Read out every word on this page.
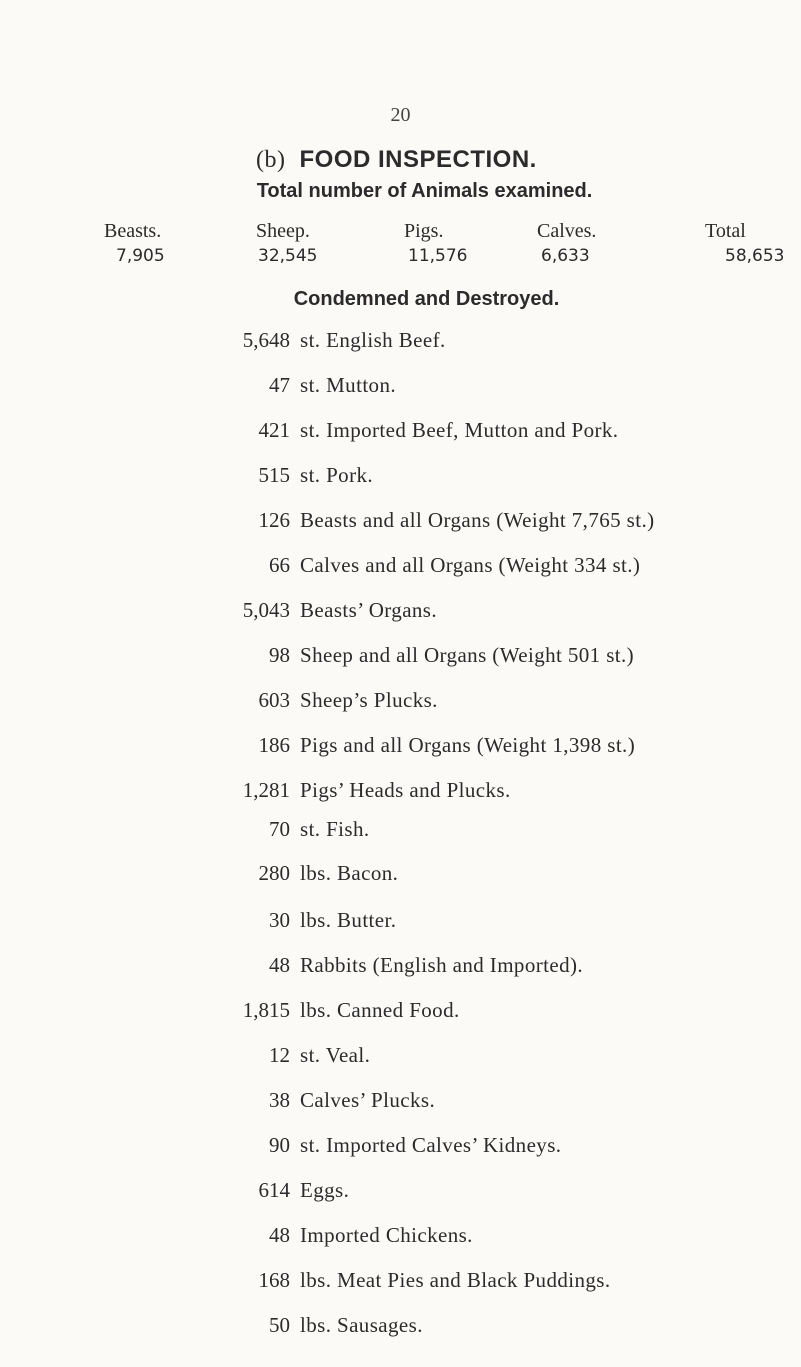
20
(b) FOOD INSPECTION.
Total number of Animals examined.
Beasts.	Sheep.	Pigs.	Calves.	Total
7,905	32,545	11,576	6,633	58,653
Condemned and Destroyed.
5,648 st. English Beef.
47 st. Mutton.
421 st. Imported Beef, Mutton and Pork.
515 st. Pork.
126 Beasts and all Organs (Weight 7,765 st.)
66 Calves and all Organs (Weight 334 st.)
5,043 Beasts’ Organs.
98 Sheep and all Organs (Weight 501 st.)
603 Sheep’s Plucks.
186 Pigs and all Organs (Weight 1,398 st.)
1,281 Pigs’ Heads and Plucks.
70 st. Fish.
280 lbs. Bacon.
30 lbs. Butter.
48 Rabbits (English and Imported).
1,815 lbs. Canned Food.
12 st. Veal.
38 Calves’ Plucks.
90 st. Imported Calves’ Kidneys.
614 Eggs.
48 Imported Chickens.
168 lbs. Meat Pies and Black Puddings.
50 lbs. Sausages.
